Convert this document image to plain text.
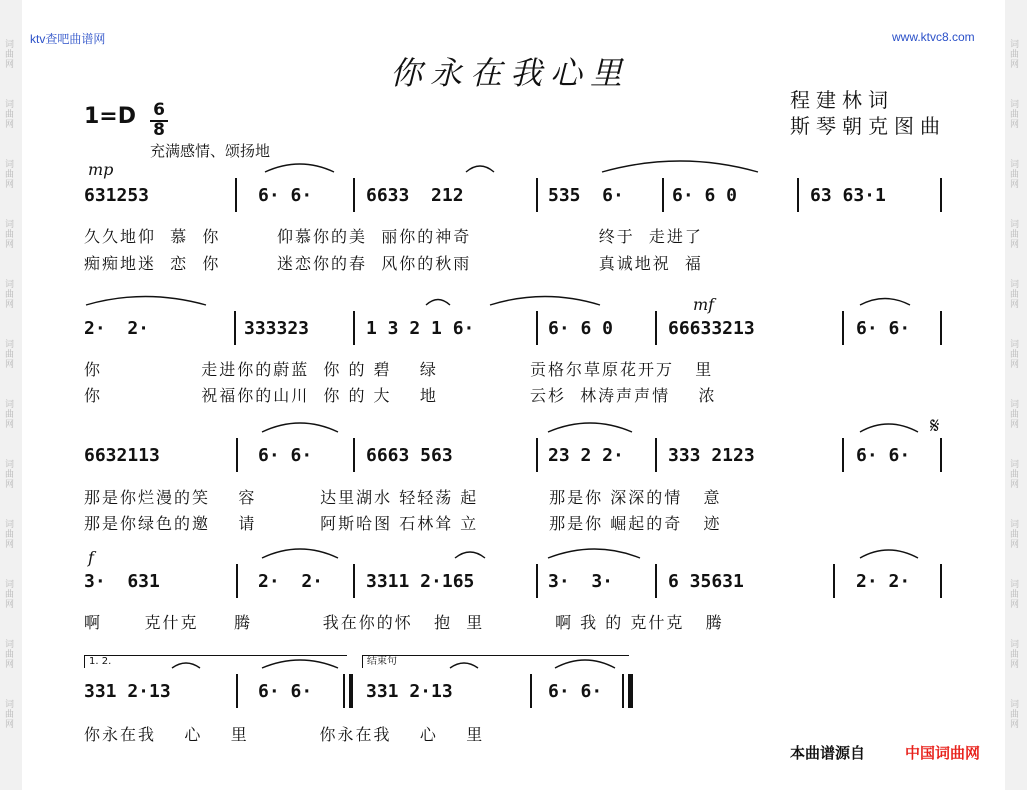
词曲网
词曲网
词曲网
词曲网
词曲网
词曲网
词曲网
词曲网
词曲网
词曲网
词曲网
词曲网
词曲网
词曲网
词曲网
词曲网
词曲网
词曲网
词曲网
词曲网
词曲网
词曲网
词曲网
词曲网
ktv查吧曲谱网	www.ktvc8.com
你永在我心里
程建林词
斯琴朝克图曲
1=D 6
8
充满感情、颂扬地
mp
mf
f
631253	6· 6·	6633  212	535  6·	6· 6 0	63 63·1
久久地仰  慕  你        仰慕你的美  丽你的神奇                  终于  走进了
痴痴地迷  恋  你        迷恋你的春  风你的秋雨                  真诚地祝  福
2·  2·	333323	1 3 2 1 6·	6· 6 0	66633213	6· 6·
你              走进你的蔚蓝  你 的 碧    绿             贡格尔草原花开万   里
你              祝福你的山川  你 的 大    地             云杉  林涛声声情    浓
6632113	6· 6·	6663 563	23 2 2· 333 2123	6· 6·
那是你烂漫的笑    容         达里湖水 轻轻荡 起          那是你 深深的情   意
那是你绿色的邀    请         阿斯哈图 石林耸 立          那是你 崛起的奇   迹
𝄋
3·  631	2·  2· 3311 2·165	3·  3·	6 35631	2· 2·
啊      克什克     腾          我在你的怀   抱  里          啊 我 的 克什克   腾
1. 2.	结束句
331 2·13	6· 6·	331 2·13	6· 6·
你永在我    心    里          你永在我    心    里
本曲谱源自	中国词曲网
